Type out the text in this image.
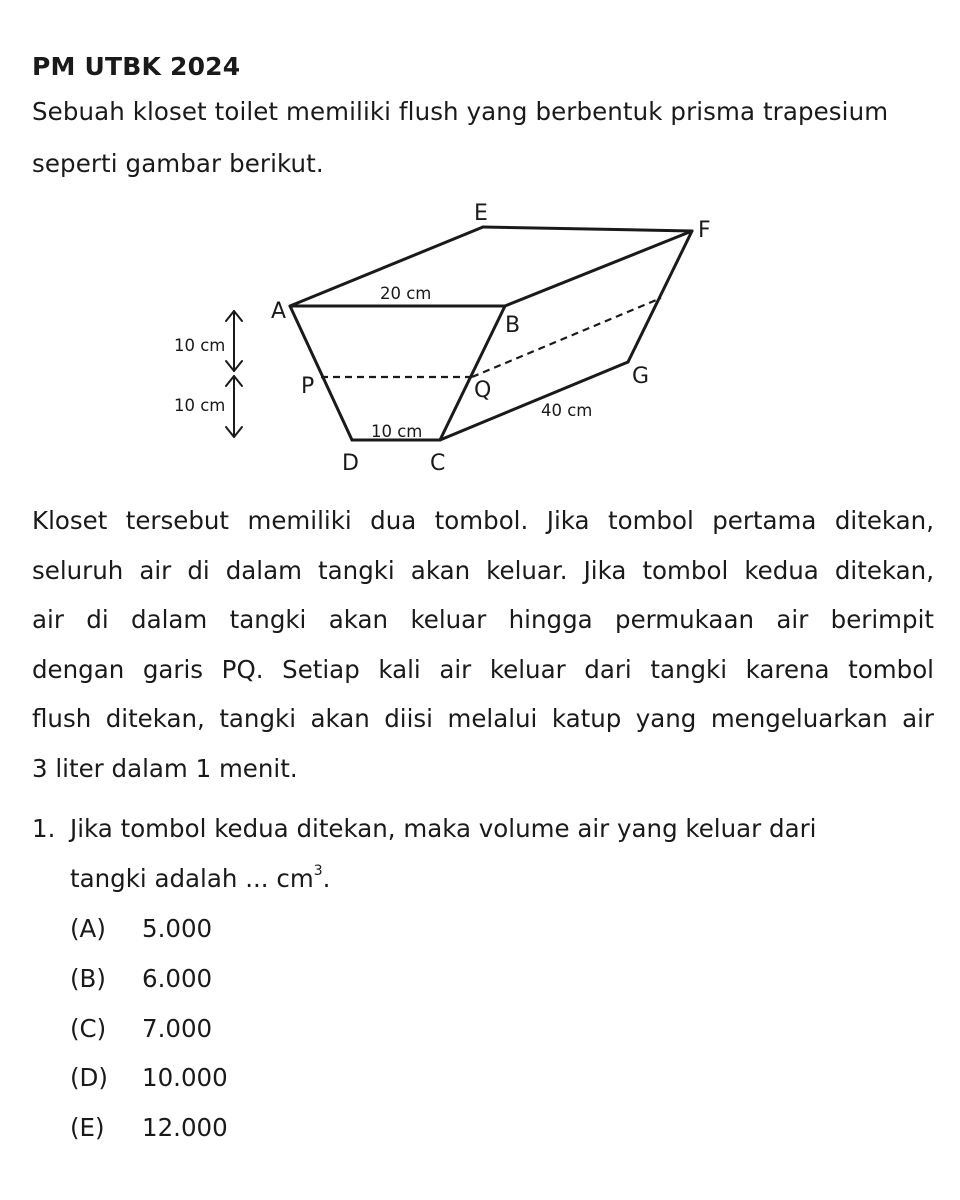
PM UTBK 2024
Sebuah kloset toilet memiliki flush yang berbentuk prisma trapesium
seperti gambar berikut.
A
B
C
D
E
F
G
P	Q
20 cm
10 cm
40 cm
10 cm
10 cm
Kloset tersebut memiliki dua tombol. Jika tombol pertama ditekan,
seluruh air di dalam tangki akan keluar. Jika tombol kedua ditekan,
air di dalam tangki akan keluar hingga permukaan air berimpit
dengan garis PQ. Setiap kali air keluar dari tangki karena tombol
flush ditekan, tangki akan diisi melalui katup yang mengeluarkan air
3 liter dalam 1 menit.
1. Jika tombol kedua ditekan, maka volume air yang keluar dari
tangki adalah ... $cm^3$.
(A) 5.000
(B) 6.000
(C) 7.000
(D) 10.000
(E) 12.000
